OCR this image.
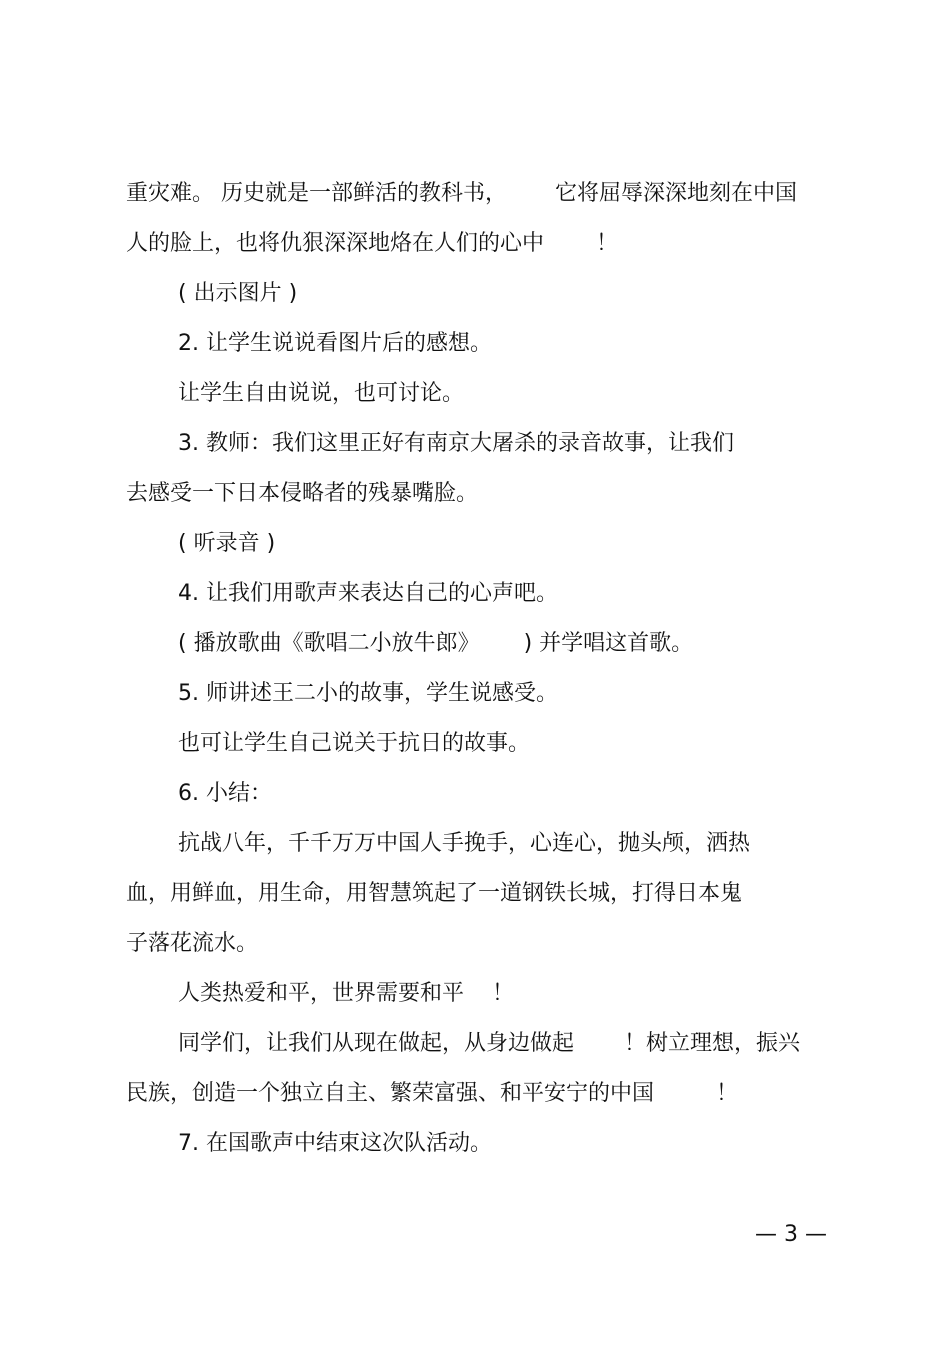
重灾难。 历史就是一部鲜活的教科书， 它将屈辱深深地刻在中国
人的脸上，也将仇狠深深地烙在人们的心中 ！
( 出示图片 )
2. 让学生说说看图片后的感想。
让学生自由说说，也可讨论。
3. 教师：我们这里正好有南京大屠杀的录音故事，让我们
去感受一下日本侵略者的残暴嘴脸。
( 听录音 )
4. 让我们用歌声来表达自己的心声吧。
( 播放歌曲《歌唱二小放牛郎》 ) 并学唱这首歌。
5. 师讲述王二小的故事，学生说感受。
也可让学生自己说关于抗日的故事。
6. 小结：
抗战八年，千千万万中国人手挽手，心连心，抛头颅，洒热
血，用鲜血，用生命，用智慧筑起了一道钢铁长城，打得日本鬼
子落花流水。
人类热爱和平，世界需要和平 ！
同学们，让我们从现在做起，从身边做起 ！树立理想，振兴
民族，创造一个独立自主、繁荣富强、和平安宁的中国	！
7. 在国歌声中结束这次队活动。
— 3 —
